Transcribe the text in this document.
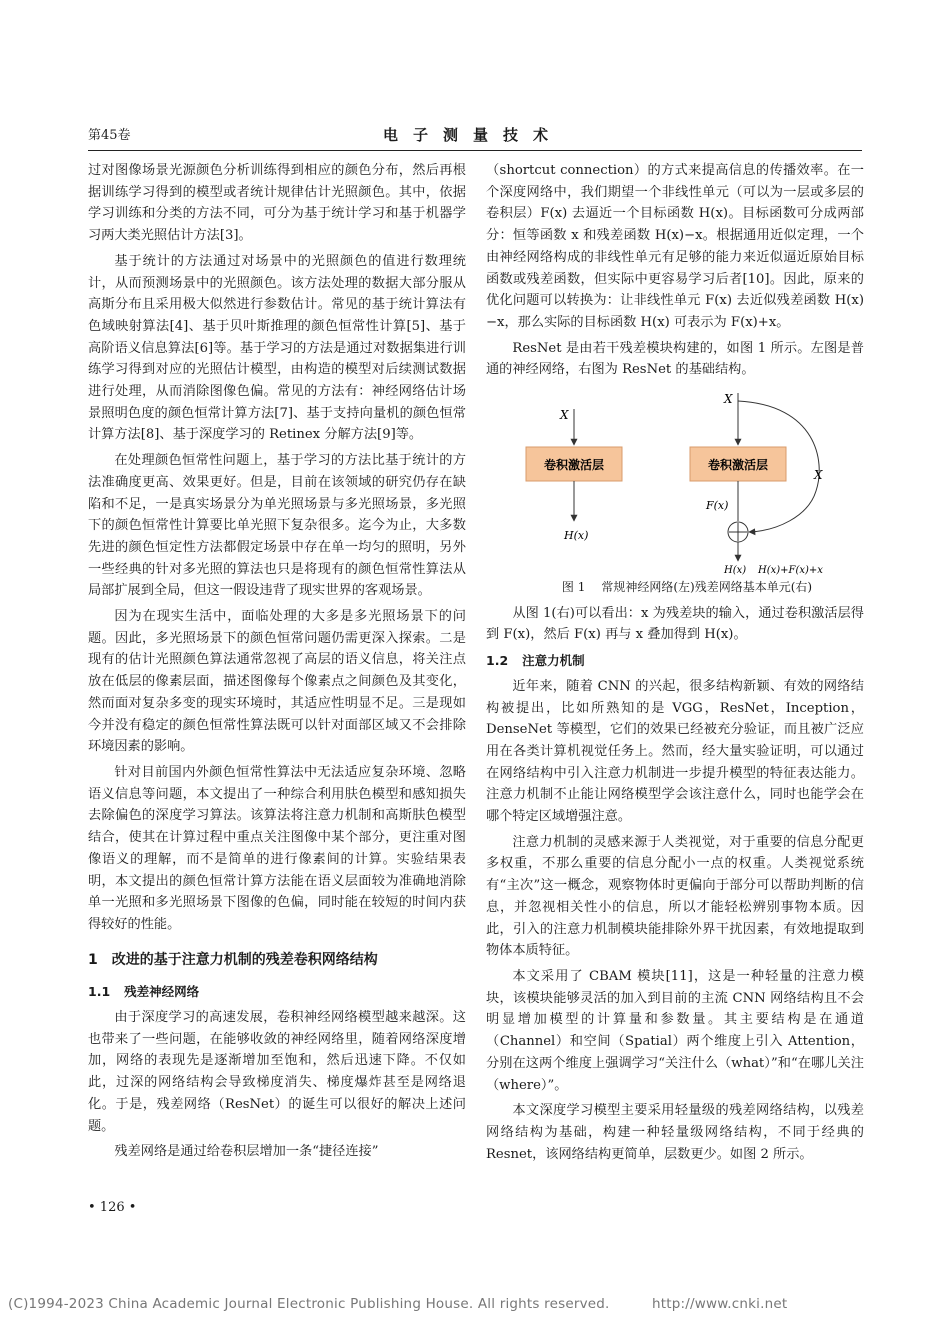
第45卷	电子测量技术

过对图像场景光源颜色分析训练得到相应的颜色分布，然后再根据训练学习得到的模型或者统计规律估计光照颜色。其中，依据学习训练和分类的方法不同，可分为基于统计学习和基于机器学习两大类光照估计方法[3]。

基于统计的方法通过对场景中的光照颜色的值进行数理统计，从而预测场景中的光照颜色。该方法处理的数据大部分服从高斯分布且采用极大似然进行参数估计。常见的基于统计算法有色域映射算法[4]、基于贝叶斯推理的颜色恒常性计算[5]、基于高阶语义信息算法[6]等。基于学习的方法是通过对数据集进行训练学习得到对应的光照估计模型，由构造的模型对后续测试数据进行处理，从而消除图像色偏。常见的方法有：神经网络估计场景照明色度的颜色恒常计算方法[7]、基于支持向量机的颜色恒常计算方法[8]、基于深度学习的 Retinex 分解方法[9]等。

在处理颜色恒常性问题上，基于学习的方法比基于统计的方法准确度更高、效果更好。但是，目前在该领域的研究仍存在缺陷和不足，一是真实场景分为单光照场景与多光照场景，多光照下的颜色恒常性计算要比单光照下复杂很多。迄今为止，大多数先进的颜色恒定性方法都假定场景中存在单一均匀的照明，另外一些经典的针对多光照的算法也只是将现有的颜色恒常性算法从局部扩展到全局，但这一假设违背了现实世界的客观场景。

因为在现实生活中，面临处理的大多是多光照场景下的问题。因此，多光照场景下的颜色恒常问题仍需更深入探索。二是现有的估计光照颜色算法通常忽视了高层的语义信息，将关注点放在低层的像素层面，描述图像每个像素点之间颜色及其变化，然而面对复杂多变的现实环境时，其适应性明显不足。三是现如今并没有稳定的颜色恒常性算法既可以针对面部区域又不会排除环境因素的影响。

针对目前国内外颜色恒常性算法中无法适应复杂环境、忽略语义信息等问题，本文提出了一种综合利用肤色模型和感知损失去除偏色的深度学习算法。该算法将注意力机制和高斯肤色模型结合，使其在计算过程中重点关注图像中某个部分，更注重对图像语义的理解，而不是简单的进行像素间的计算。实验结果表明，本文提出的颜色恒常计算方法能在语义层面较为准确地消除单一光照和多光照场景下图像的色偏，同时能在较短的时间内获得较好的性能。

1 改进的基于注意力机制的残差卷积网络结构
1.1 残差神经网络

由于深度学习的高速发展，卷积神经网络模型越来越深。这也带来了一些问题，在能够收敛的神经网络里，随着网络深度增加，网络的表现先是逐渐增加至饱和，然后迅速下降。不仅如此，过深的网络结构会导致梯度消失、梯度爆炸甚至是网络退化。于是，残差网络（ResNet）的诞生可以很好的解决上述问题。

残差网络是通过给卷积层增加一条“捷径连接”

（shortcut connection）的方式来提高信息的传播效率。在一个深度网络中，我们期望一个非线性单元（可以为一层或多层的卷积层）F(x) 去逼近一个目标函数 H(x)。目标函数可分成两部分：恒等函数 x 和残差函数 H(x)−x。根据通用近似定理，一个由神经网络构成的非线性单元有足够的能力来近似逼近原始目标函数或残差函数，但实际中更容易学习后者[10]。因此，原来的优化问题可以转换为：让非线性单元 F(x) 去近似残差函数 H(x)−x，那么实际的目标函数 H(x) 可表示为 F(x)+x。

ResNet 是由若干残差模块构建的，如图 1 所示。左图是普通的神经网络，右图为 ResNet 的基础结构。

X
卷积激活层
H(x)
X
卷积激活层
F(x)
X
H(x) H(x)+F(x)+x

图 1 常规神经网络(左)残差网络基本单元(右)

从图 1(右)可以看出：x 为残差块的输入，通过卷积激活层得到 F(x)，然后 F(x) 再与 x 叠加得到 H(x)。

1.2 注意力机制

近年来，随着 CNN 的兴起，很多结构新颖、有效的网络结构被提出，比如所熟知的是 VGG，ResNet，Inception，DenseNet 等模型，它们的效果已经被充分验证，而且被广泛应用在各类计算机视觉任务上。然而，经大量实验证明，可以通过在网络结构中引入注意力机制进一步提升模型的特征表达能力。注意力机制不止能让网络模型学会该注意什么，同时也能学会在哪个特定区域增强注意。

注意力机制的灵感来源于人类视觉，对于重要的信息分配更多权重，不那么重要的信息分配小一点的权重。人类视觉系统有“主次”这一概念，观察物体时更偏向于部分可以帮助判断的信息，并忽视相关性小的信息，所以才能轻松辨别事物本质。因此，引入的注意力机制模块能排除外界干扰因素，有效地提取到物体本质特征。

本文采用了 CBAM 模块[11]，这是一种轻量的注意力模块，该模块能够灵活的加入到目前的主流 CNN 网络结构且不会明显增加模型的计算量和参数量。其主要结构是在通道（Channel）和空间（Spatial）两个维度上引入 Attention，分别在这两个维度上强调学习“关注什么（what）”和“在哪儿关注（where）”。

本文深度学习模型主要采用轻量级的残差网络结构，以残差网络结构为基础，构建一种轻量级网络结构，不同于经典的 Resnet，该网络结构更简单，层数更少。如图 2 所示。

• 126 •
(C)1994-2023 China Academic Journal Electronic Publishing House. All rights reserved.	http://www.cnki.net
